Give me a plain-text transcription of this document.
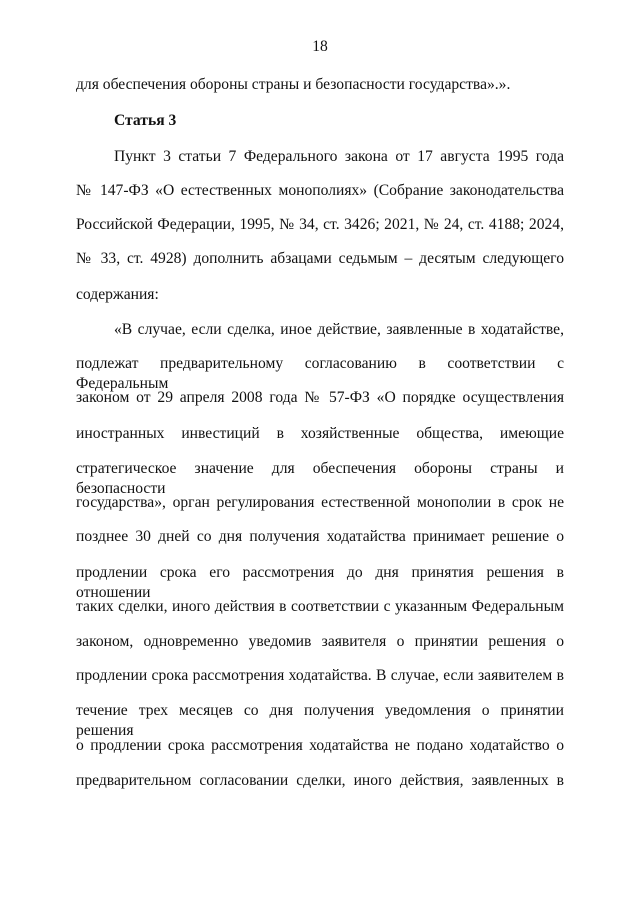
18
для обеспечения обороны страны и безопасности государства».».
Статья 3
Пункт 3 статьи 7 Федерального закона от 17 августа 1995 года
№ 147-ФЗ «О естественных монополиях» (Собрание законодательства
Российской Федерации, 1995, № 34, ст. 3426; 2021, № 24, ст. 4188; 2024,
№ 33, ст. 4928) дополнить абзацами седьмым – десятым следующего
содержания:
«В случае, если сделка, иное действие, заявленные в ходатайстве,
подлежат предварительному согласованию в соответствии с Федеральным
законом от 29 апреля 2008 года № 57-ФЗ «О порядке осуществления
иностранных инвестиций в хозяйственные общества, имеющие
стратегическое значение для обеспечения обороны страны и безопасности
государства», орган регулирования естественной монополии в срок не
позднее 30 дней со дня получения ходатайства принимает решение о
продлении срока его рассмотрения до дня принятия решения в отношении
таких сделки, иного действия в соответствии с указанным Федеральным
законом, одновременно уведомив заявителя о принятии решения о
продлении срока рассмотрения ходатайства. В случае, если заявителем в
течение трех месяцев со дня получения уведомления о принятии решения
о продлении срока рассмотрения ходатайства не подано ходатайство о
предварительном согласовании сделки, иного действия, заявленных в
